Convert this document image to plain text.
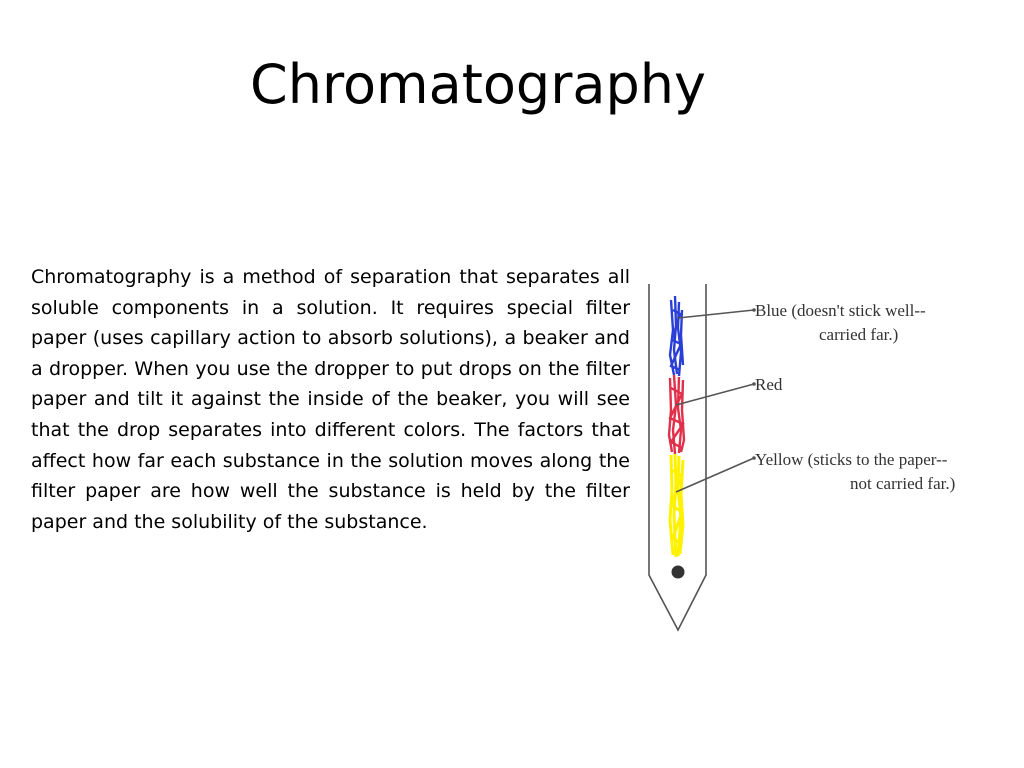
Chromatography
Chromatography is a method of separation that separates all soluble components in a solution. It requires special filter paper (uses capillary action to absorb solutions), a beaker and a dropper. When you use the dropper to put drops on the filter paper and tilt it against the inside of the beaker, you will see that the drop separates into different colors. The factors that affect how far each substance in the solution moves along the filter paper are how well the substance is held by the filter paper and the solubility of the substance.
Blue (doesn't stick well--
carried far.)
Red
Yellow (sticks to the paper--
not carried far.)
